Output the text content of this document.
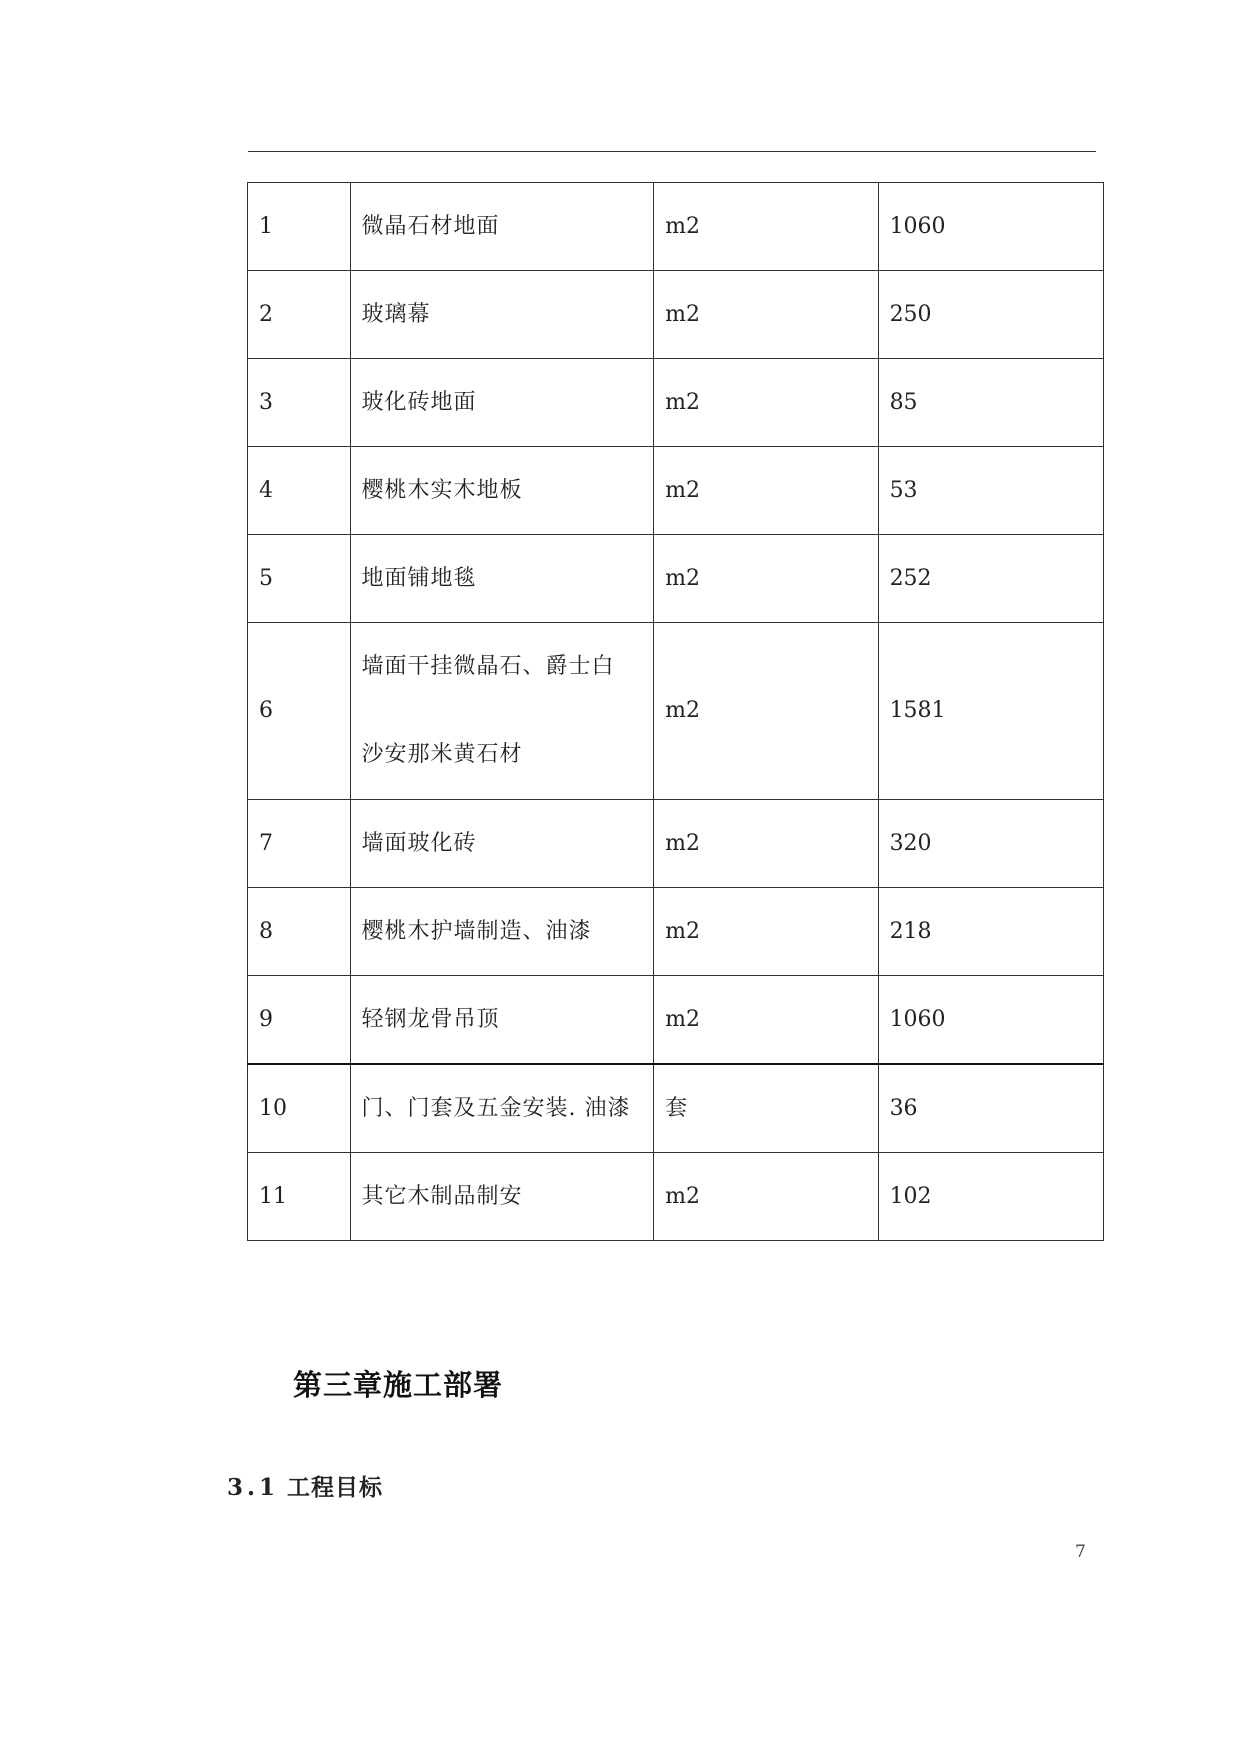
1	微晶石材地面	m2	1060
2	玻璃幕	m2	250
3	玻化砖地面	m2	85
4	樱桃木实木地板	m2	53
5	地面铺地毯	m2	252
6	墙面干挂微晶石、爵士白
沙安那米黄石材	m2	1581
7	墙面玻化砖	m2	320
8	樱桃木护墙制造、油漆	m2	218
9	轻钢龙骨吊顶	m2	1060
10	门、门套及五金安装. 油漆	套	36
11	其它木制品制安	m2	102
第三章施工部署
3.1 工程目标
7
